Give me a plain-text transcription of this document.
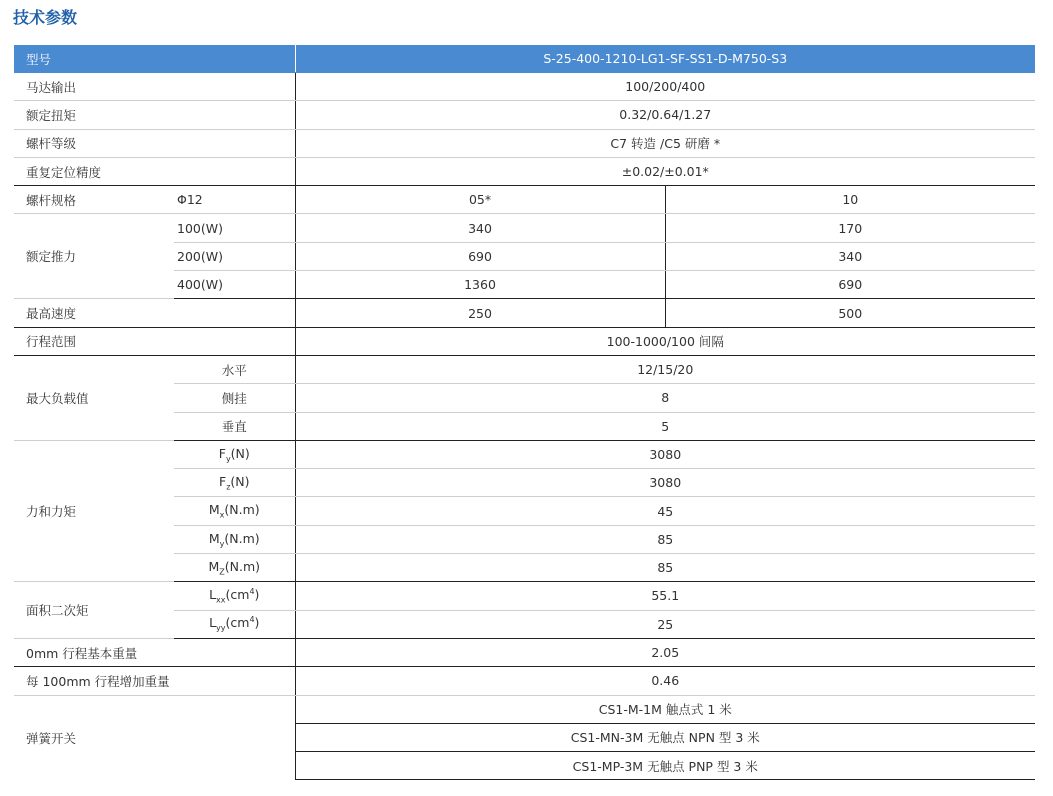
技术参数
型号		S-25-400-1210-LG1-SF-SS1-D-M750-S3	
马达输出		100/200/400	
额定扭矩		0.32/0.64/1.27	
螺杆等级		C7 转造 /C5 研磨 *	
重复定位精度		±0.02/±0.01*	
螺杆规格	Φ12	05*	10
额定推力	100(W)	340	170
	200(W)	690	340
	400(W)	1360	690
最高速度		250	500
行程范围		100-1000/100 间隔	
最大负载值	水平	12/15/20	
	侧挂	8	
	垂直	5	
力和力矩	$F_y(N)$	3080	
	$F_z(N)$	3080	
	$M_x(N.m)$	45	
	$M_y(N.m)$	85	
	$M_Z(N.m)$	85	
面积二次矩	$L_{xx}(cm^4)$	55.1	
	$L_{yy}(cm^4)$	25	
0mm 行程基本重量		2.05	
每 100mm 行程增加重量		0.46	
弹簧开关		CS1-M-1M 触点式 1 米	
		CS1-MN-3M 无触点 NPN 型 3 米	
		CS1-MP-3M 无触点 PNP 型 3 米	
